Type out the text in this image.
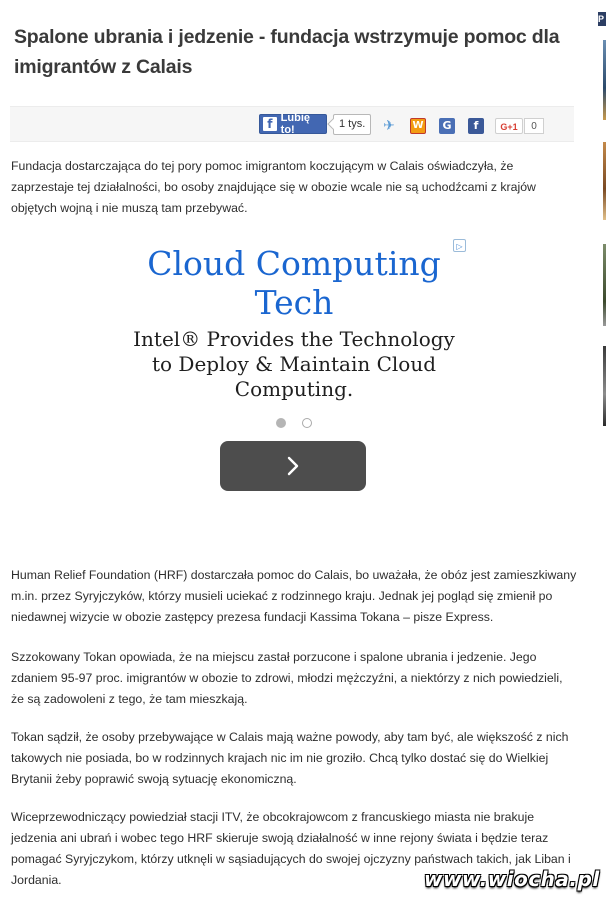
Spalone ubrania i jedzenie - fundacja wstrzymuje pomoc dla imigrantów z Calais
f Lubię to!	1 tys.	✈ W	G	f	G+1	0

Fundacja dostarczająca do tej pory pomoc imigrantom koczującym w Calais oświadczyła, że zaprzestaje tej działalności, bo osoby znajdujące się w obozie wcale nie są uchodźcami z krajów objętych wojną i nie muszą tam przebywać.

▷
Cloud Computing Tech
Intel® Provides the Technology to Deploy & Maintain Cloud Computing.

Human Relief Foundation (HRF) dostarczała pomoc do Calais, bo uważała, że obóz jest zamieszkiwany m.in. przez Syryjczyków, którzy musieli uciekać z rodzinnego kraju. Jednak jej pogląd się zmienił po niedawnej wizycie w obozie zastępcy prezesa fundacji Kassima Tokana – pisze Express.

Szzokowany Tokan opowiada, że na miejscu zastał porzucone i spalone ubrania i jedzenie. Jego zdaniem 95-97 proc. imigrantów w obozie to zdrowi, młodzi mężczyźni, a niektórzy z nich powiedzieli, że są zadowoleni z tego, że tam mieszkają.

Tokan sądził, że osoby przebywające w Calais mają ważne powody, aby tam być, ale większość z nich takowych nie posiada, bo w rodzinnych krajach nic im nie groziło. Chcą tylko dostać się do Wielkiej Brytanii żeby poprawić swoją sytuację ekonomiczną.

Wiceprzewodniczący powiedział stacji ITV, że obcokrajowcom z francuskiego miasta nie brakuje jedzenia ani ubrań i wobec tego HRF skieruje swoją działalność w inne rejony świata i będzie teraz pomagać Syryjczykom, którzy utknęli w sąsiadujących do swojej ojczyzny państwach takich, jak Liban i Jordania.

P
www.wiocha.pl
